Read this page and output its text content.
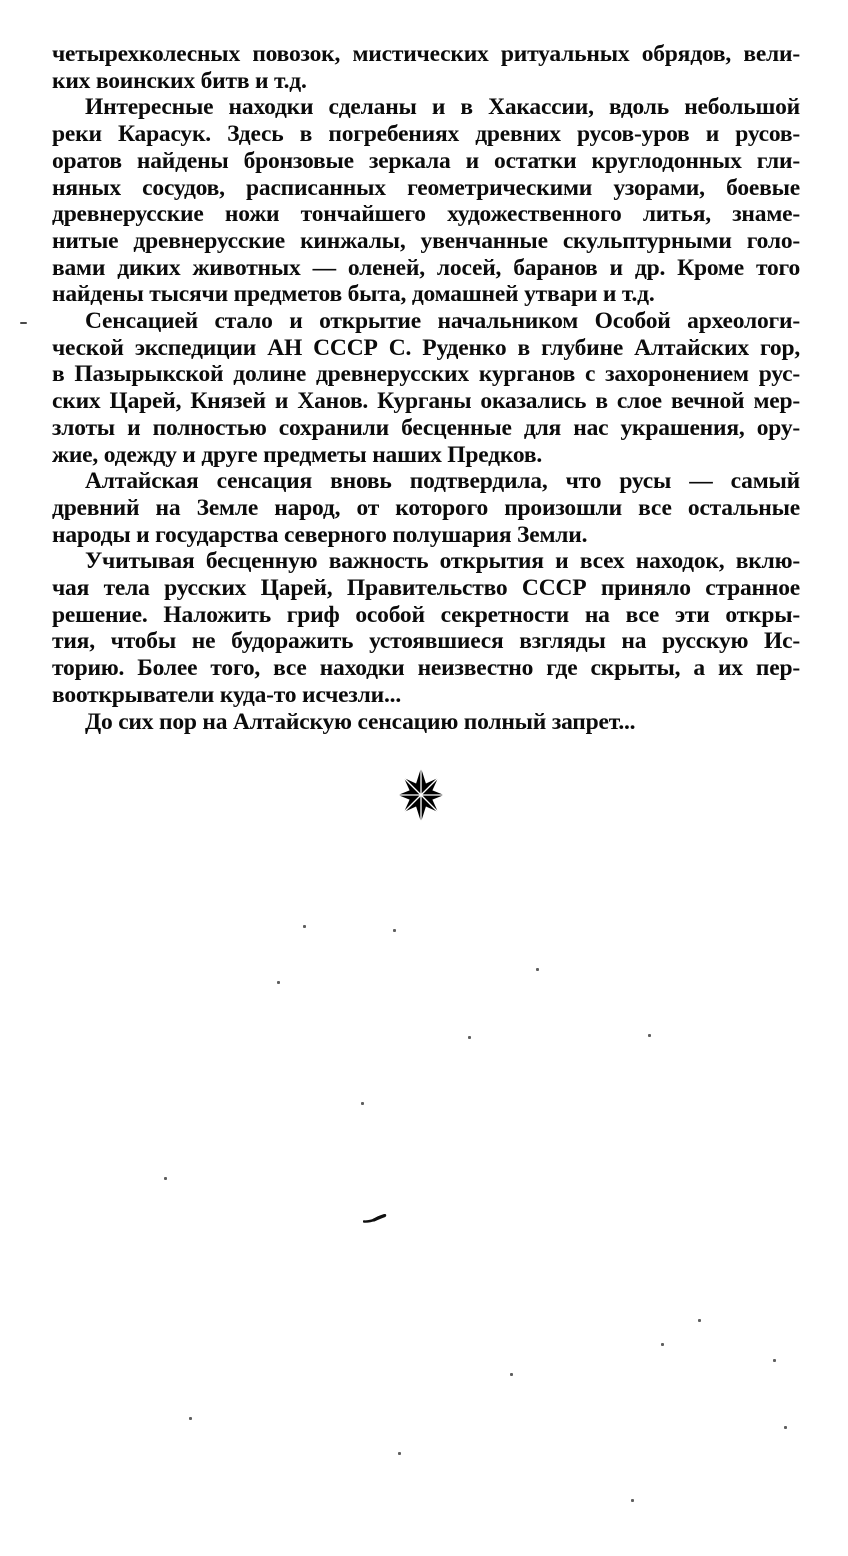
четырехколесных повозок, мистических ритуальных обрядов, вели-
ких воинских битв и т.д.
Интересные находки сделаны и в Хакассии, вдоль небольшой
реки Карасук. Здесь в погребениях древних русов-уров и русов-
оратов найдены бронзовые зеркала и остатки круглодонных гли-
няных сосудов, расписанных геометрическими узорами, боевые
древнерусские ножи тончайшего художественного литья, знаме-
нитые древнерусские кинжалы, увенчанные скульптурными голо-
вами диких животных — оленей, лосей, баранов и др. Кроме того
найдены тысячи предметов быта, домашней утвари и т.д.
Сенсацией стало и открытие начальником Особой археологи-
ческой экспедиции АН СССР С. Руденко в глубине Алтайских гор,
в Пазырыкской долине древнерусских курганов с захоронением рус-
ских Царей, Князей и Ханов. Курганы оказались в слое вечной мер-
злоты и полностью сохранили бесценные для нас украшения, ору-
жие, одежду и друге предметы наших Предков.
Алтайская сенсация вновь подтвердила, что русы — самый
древний на Земле народ, от которого произошли все остальные
народы и государства северного полушария Земли.
Учитывая бесценную важность открытия и всех находок, вклю-
чая тела русских Царей, Правительство СССР приняло странное
решение. Наложить гриф особой секретности на все эти откры-
тия, чтобы не будоражить устоявшиеся взгляды на русскую Ис-
торию. Более того, все находки неизвестно где скрыты, а их пер-
вооткрыватели куда-то исчезли...
До сих пор на Алтайскую сенсацию полный запрет...
